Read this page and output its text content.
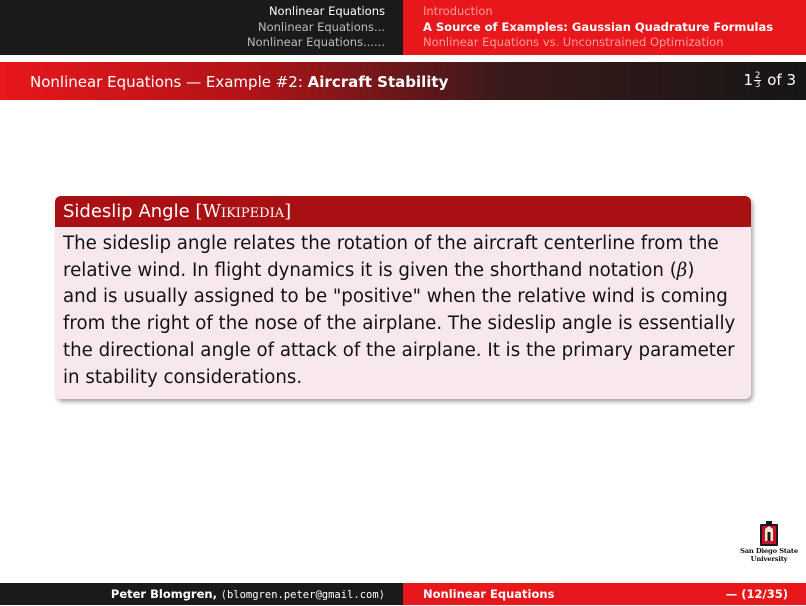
Nonlinear Equations
Nonlinear Equations...
Nonlinear Equations......
Introduction
A Source of Examples: Gaussian Quadrature Formulas
Nonlinear Equations vs. Unconstrained Optimization
Nonlinear Equations — Example #2: Aircraft Stability	$1 \frac{2}{3}$ of 3
Sideslip Angle [Wikipedia]
The sideslip angle relates the rotation of the aircraft centerline from the
relative wind. In flight dynamics it is given the shorthand notation (β)
and is usually assigned to be "positive" when the relative wind is coming
from the right of the nose of the airplane. The sideslip angle is essentially
the directional angle of attack of the airplane. It is the primary parameter
in stability considerations.
San Diego State
University
Peter Blomgren, ⟨blomgren.peter@gmail.com⟩	Nonlinear Equations	— (12/35)
